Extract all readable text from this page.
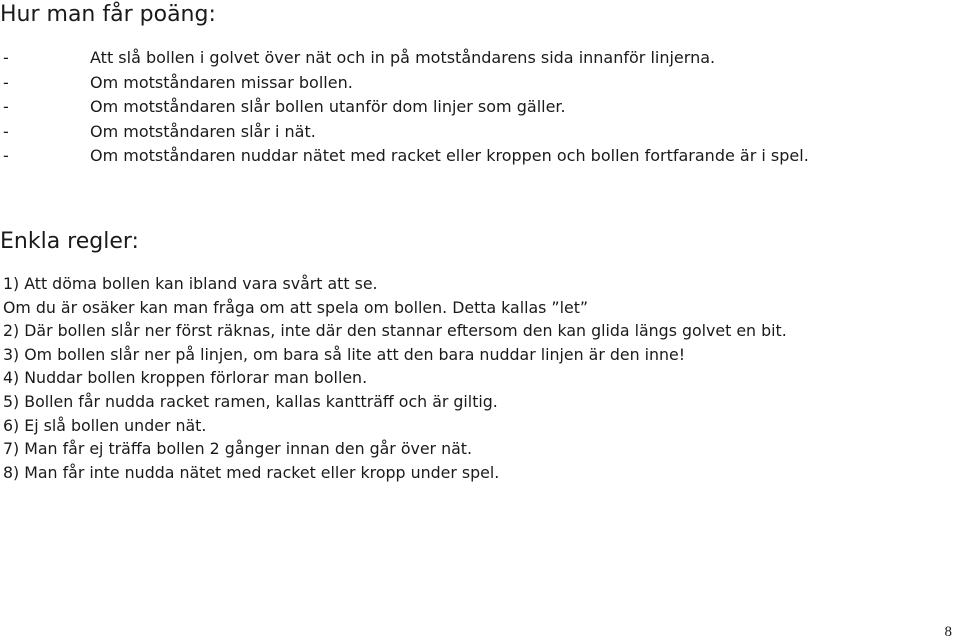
Hur man får poäng:
-	Att slå bollen i golvet över nät och in på motståndarens sida innanför linjerna.
-	Om motståndaren missar bollen.
-	Om motståndaren slår bollen utanför dom linjer som gäller.
-	Om motståndaren slår i nät.
-	Om motståndaren nuddar nätet med racket eller kroppen och bollen fortfarande är i spel.
Enkla regler:
1) Att döma bollen kan ibland vara svårt att se.
Om du är osäker kan man fråga om att spela om bollen. Detta kallas ”let”
2) Där bollen slår ner först räknas, inte där den stannar eftersom den kan glida längs golvet en bit.
3) Om bollen slår ner på linjen, om bara så lite att den bara nuddar linjen är den inne!
4) Nuddar bollen kroppen förlorar man bollen.
5) Bollen får nudda racket ramen, kallas kantträff och är giltig.
6) Ej slå bollen under nät.
7) Man får ej träffa bollen 2 gånger innan den går över nät.
8) Man får inte nudda nätet med racket eller kropp under spel.
8
